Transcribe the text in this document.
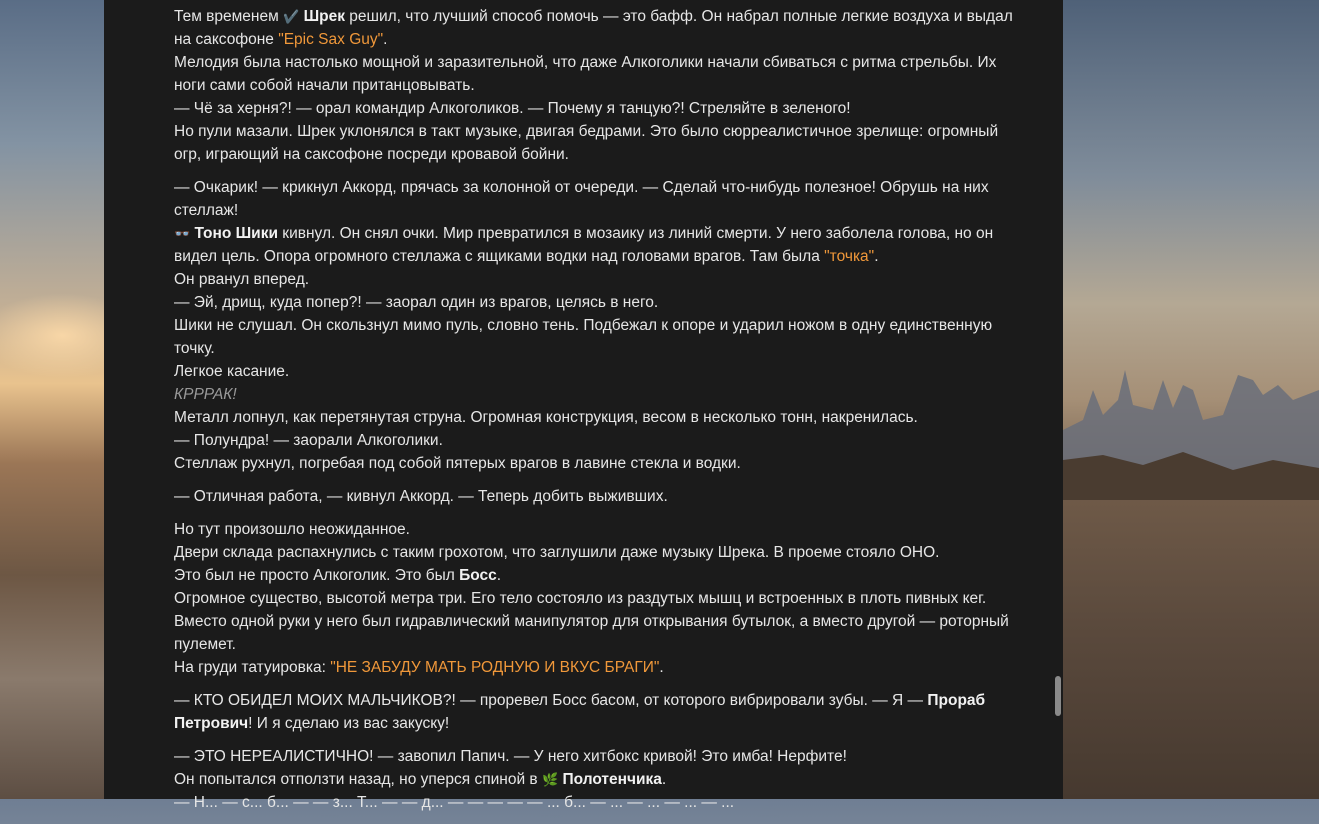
Тем временем ✔️ Шрек решил, что лучший способ помочь — это бафф. Он набрал полные легкие воздуха и выдал на саксофоне "Epic Sax Guy".
Мелодия была настолько мощной и заразительной, что даже Алкоголики начали сбиваться с ритма стрельбы. Их ноги сами собой начали пританцовывать.
— Чё за херня?! — орал командир Алкоголиков. — Почему я танцую?! Стреляйте в зеленого!
Но пули мазали. Шрек уклонялся в такт музыке, двигая бедрами. Это было сюрреалистичное зрелище: огромный огр, играющий на саксофоне посреди кровавой бойни.

— Очкарик! — крикнул Аккорд, прячась за колонной от очереди. — Сделай что-нибудь полезное! Обрушь на них стеллаж!
👓 Тоно Шики кивнул. Он снял очки. Мир превратился в мозаику из линий смерти. У него заболела голова, но он видел цель. Опора огромного стеллажа с ящиками водки над головами врагов. Там была "точка".
Он рванул вперед.
— Эй, дрищ, куда попер?! — заорал один из врагов, целясь в него.
Шики не слушал. Он скользнул мимо пуль, словно тень. Подбежал к опоре и ударил ножом в одну единственную точку.
Легкое касание.
КРРРАК!
Металл лопнул, как перетянутая струна. Огромная конструкция, весом в несколько тонн, накренилась.
— Полундра! — заорали Алкоголики.
Стеллаж рухнул, погребая под собой пятерых врагов в лавине стекла и водки.

— Отличная работа, — кивнул Аккорд. — Теперь добить выживших.

Но тут произошло неожиданное.
Двери склада распахнулись с таким грохотом, что заглушили даже музыку Шрека. В проеме стояло ОНО.
Это был не просто Алкоголик. Это был Босс.
Огромное существо, высотой метра три. Его тело состояло из раздутых мышц и встроенных в плоть пивных кег. Вместо одной руки у него был гидравлический манипулятор для открывания бутылок, а вместо другой — роторный пулемет.
На груди татуировка: "НЕ ЗАБУДУ МАТЬ РОДНУЮ И ВКУС БРАГИ".

— КТО ОБИДЕЛ МОИХ МАЛЬЧИКОВ?! — проревел Босс басом, от которого вибрировали зубы. — Я — Прораб Петрович! И я сделаю из вас закуску!

— ЭТО НЕРЕАЛИСТИЧНО! — завопил Папич. — У него хитбокс кривой! Это имба! Нерфите!
Он попытался отползти назад, но уперся спиной в 🌿 Полотенчика.
— Н... — с... б... — — з... Т... — — д... — — — — — ... б... — ... — ... — ... — ...
